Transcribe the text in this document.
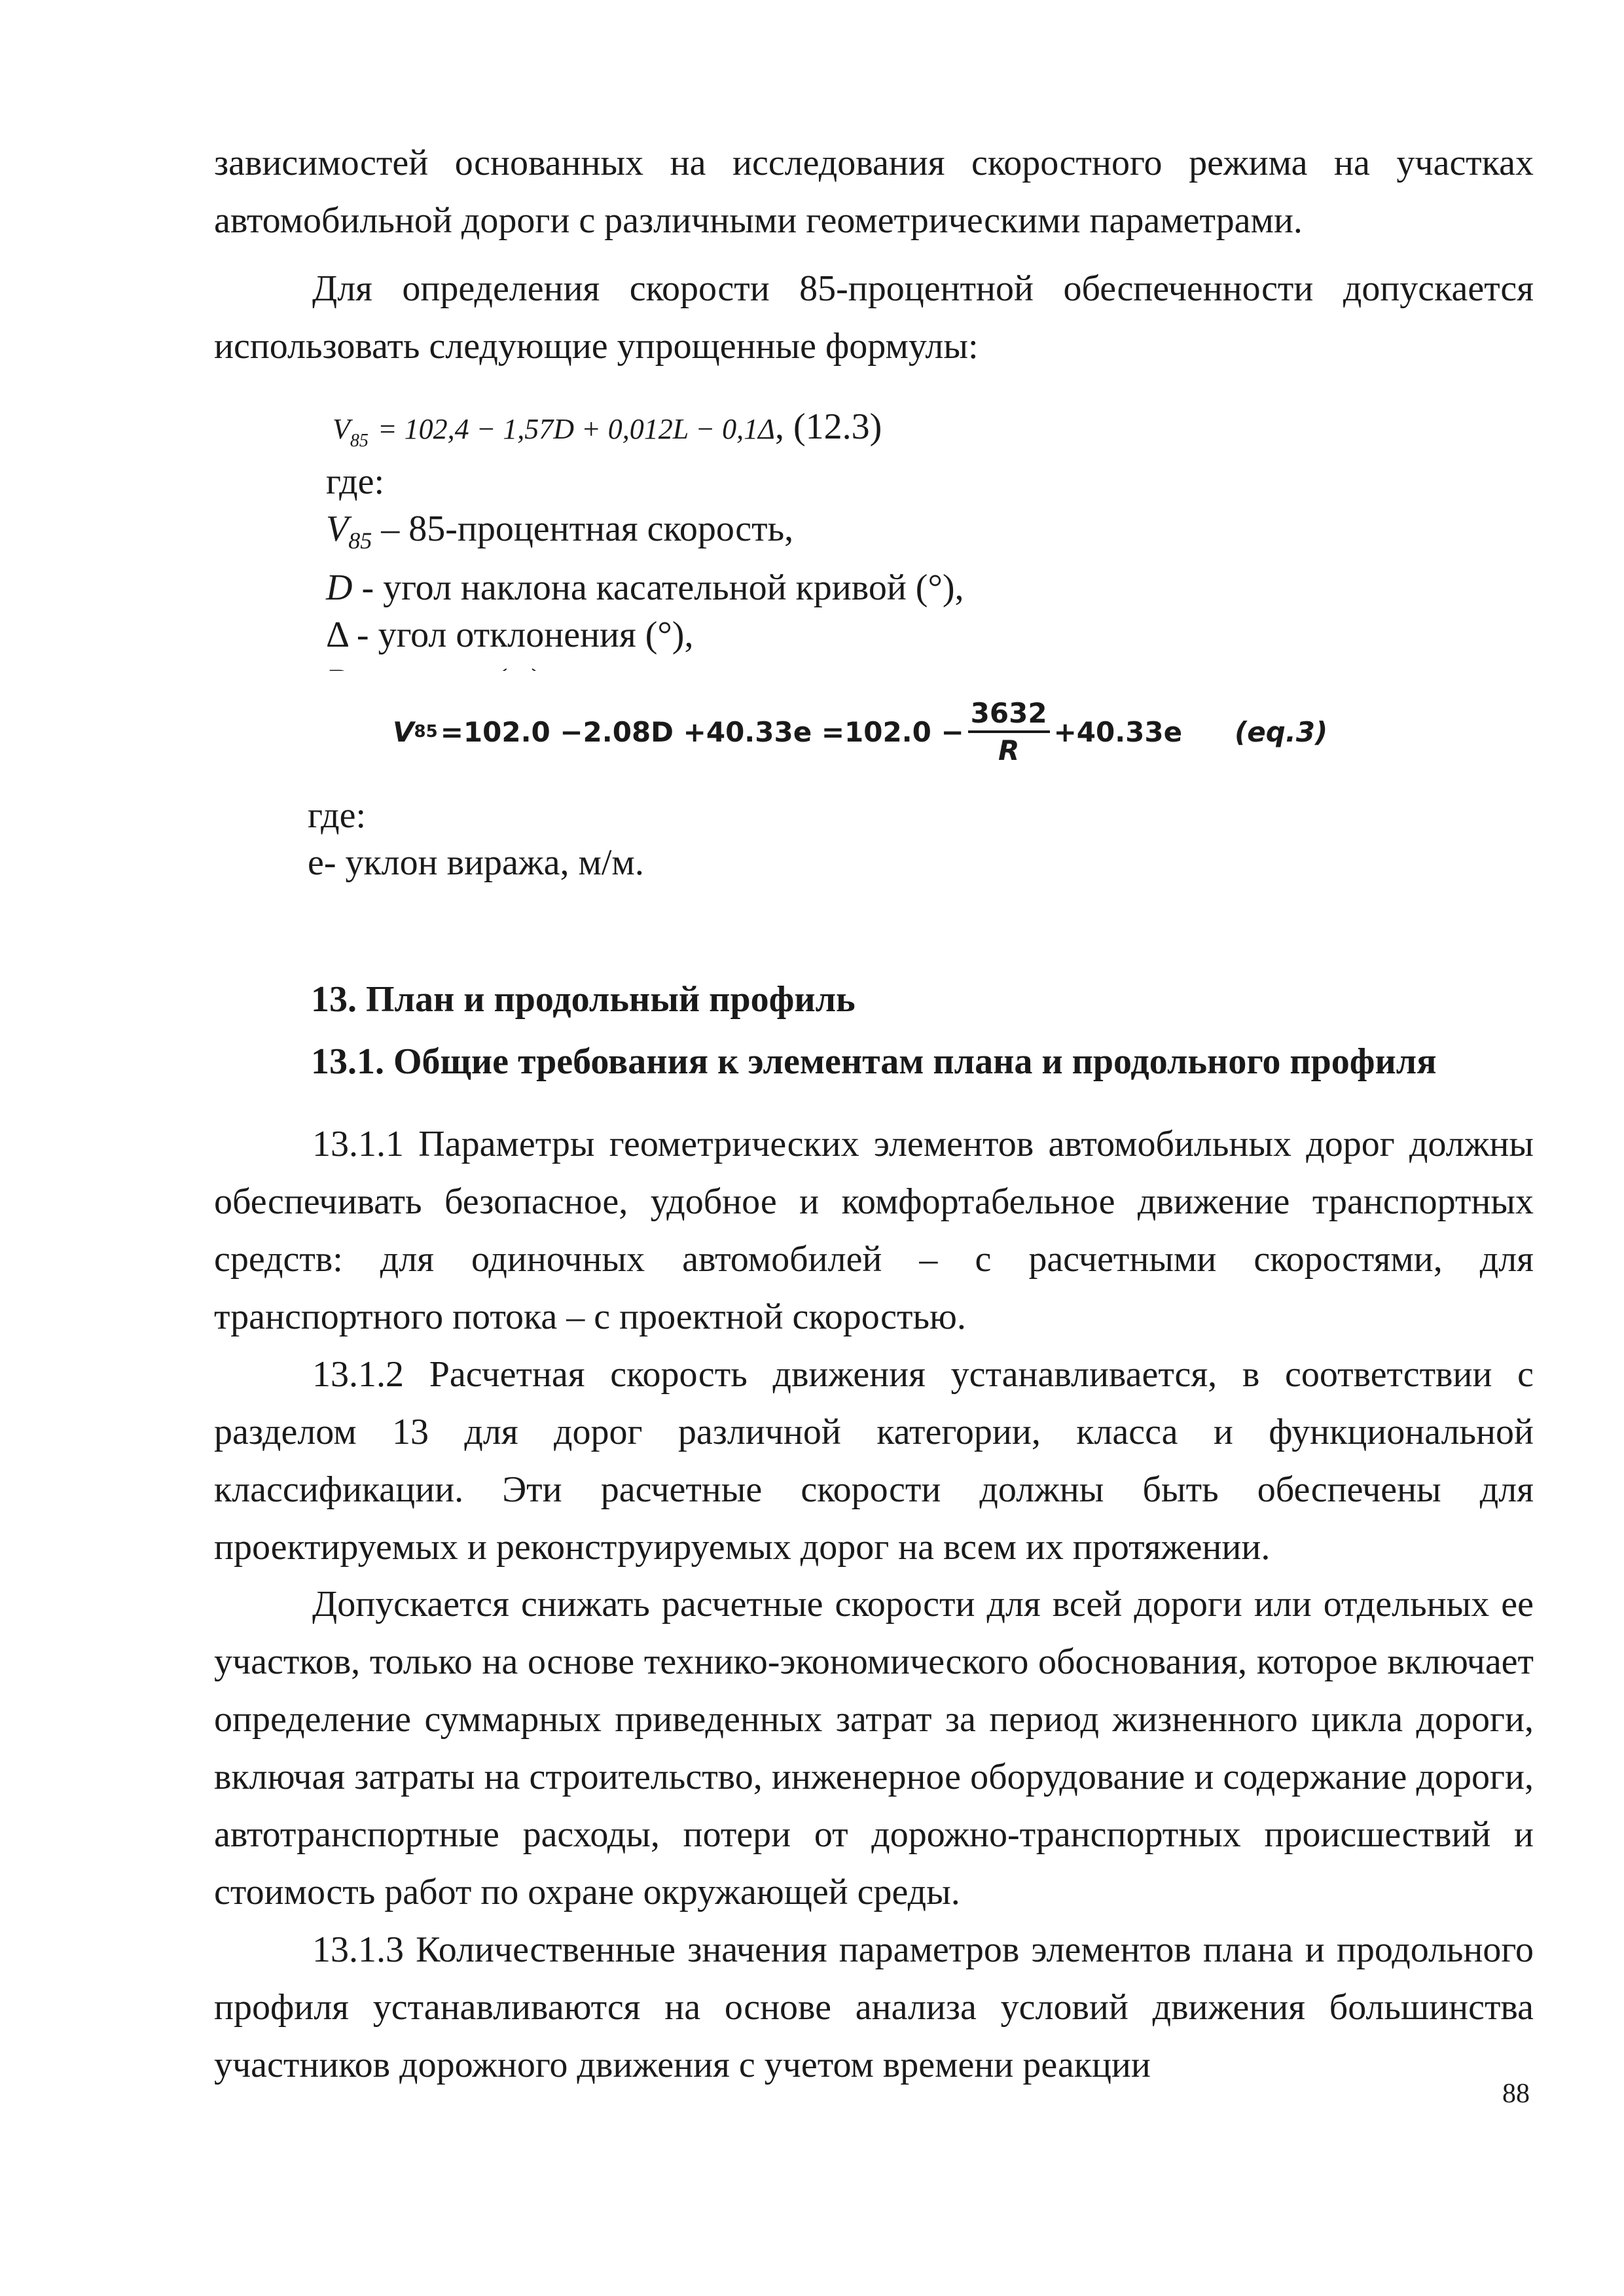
зависимостей основанных на исследования скоростного режима на участках автомобильной дороги с различными геометрическими параметрами.

Для определения скорости 85-процентной обеспеченности допускается использовать следующие упрощенные формулы:

$V_{85} = 102,4 - 1,57D + 0,012L - 0,1\Delta$, (12.3)
где:
$V_{85}$ – 85-процентная скорость,
D - угол наклона касательной кривой (°),
Δ - угол отклонения (°),
V $85 =102.0 -2.08D +40.33e =102.0 - \frac{3632}{R} +40.33e$ (eq.3)
где:
е- уклон виража, м/м.
13. План и продольный профиль
13.1. Общие требования к элементам плана и продольного профиля

13.1.1 Параметры геометрических элементов автомобильных дорог должны обеспечивать безопасное, удобное и комфортабельное движение транспортных средств: для одиночных автомобилей – с расчетными скоростями, для транспортного потока – с проектной скоростью.

13.1.2 Расчетная скорость движения устанавливается, в соответствии с разделом 13 для дорог различной категории, класса и функциональной классификации. Эти расчетные скорости должны быть обеспечены для проектируемых и реконструируемых дорог на всем их протяжении.

Допускается снижать расчетные скорости для всей дороги или отдельных ее участков, только на основе технико-экономического обоснования, которое включает определение суммарных приведенных затрат за период жизненного цикла дороги, включая затраты на строительство, инженерное оборудование и содержание дороги, автотранспортные расходы, потери от дорожно-транспортных происшествий и стоимость работ по охране окружающей среды.

13.1.3 Количественные значения параметров элементов плана и продольного профиля устанавливаются на основе анализа условий движения большинства участников дорожного движения с учетом времени реакции

88
